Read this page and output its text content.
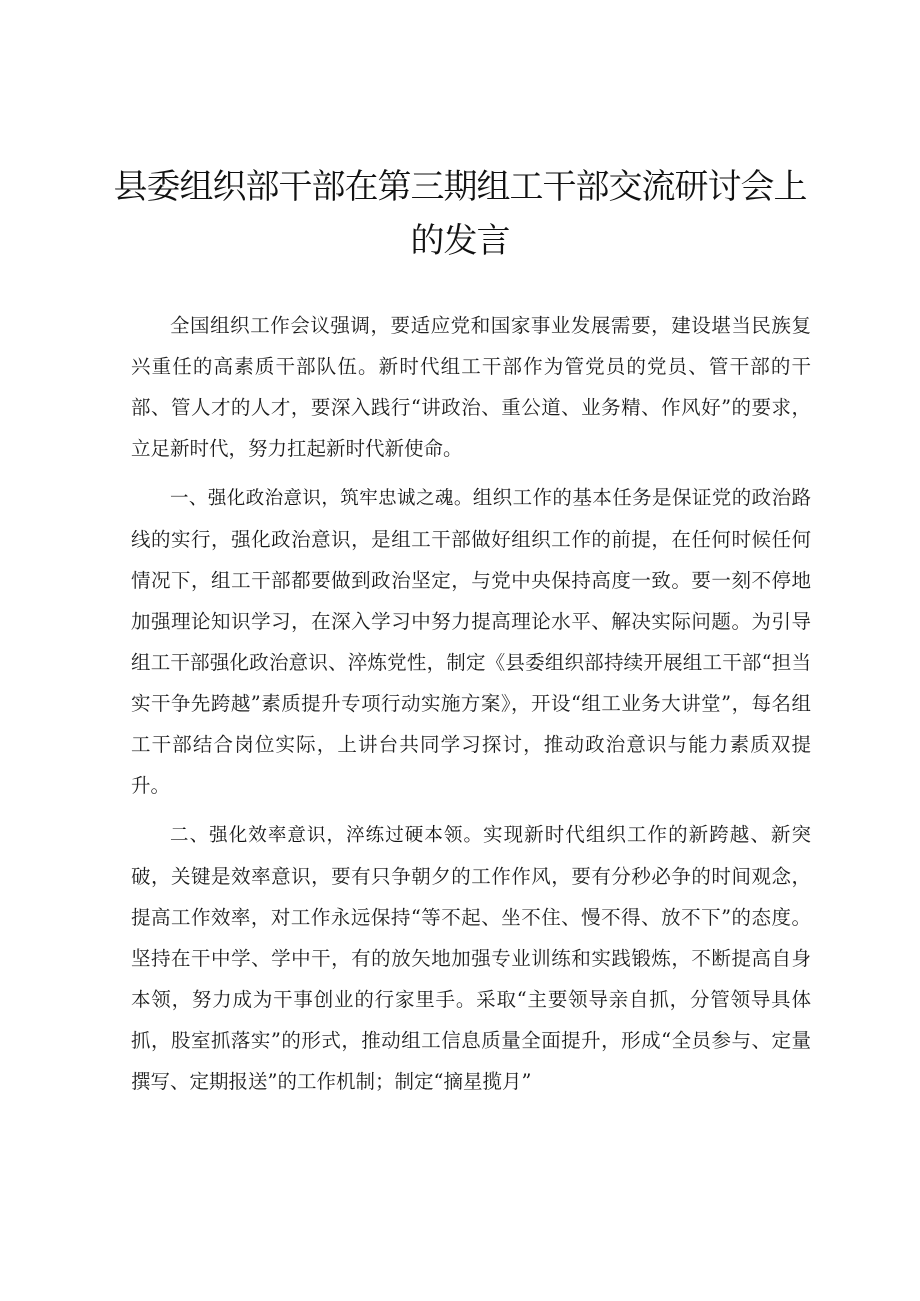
县委组织部干部在第三期组工干部交流研讨会上的发言

全国组织工作会议强调，要适应党和国家事业发展需要，建设堪当民族复兴重任的高素质干部队伍。新时代组工干部作为管党员的党员、管干部的干部、管人才的人才，要深入践行“讲政治、重公道、业务精、作风好”的要求，立足新时代，努力扛起新时代新使命。

一、强化政治意识，筑牢忠诚之魂。组织工作的基本任务是保证党的政治路线的实行，强化政治意识，是组工干部做好组织工作的前提，在任何时候任何情况下，组工干部都要做到政治坚定，与党中央保持高度一致。要一刻不停地加强理论知识学习，在深入学习中努力提高理论水平、解决实际问题。为引导组工干部强化政治意识、淬炼党性，制定《县委组织部持续开展组工干部“担当实干争先跨越”素质提升专项行动实施方案》，开设“组工业务大讲堂”，每名组工干部结合岗位实际，上讲台共同学习探讨，推动政治意识与能力素质双提升。

二、强化效率意识，淬练过硬本领。实现新时代组织工作的新跨越、新突破，关键是效率意识，要有只争朝夕的工作作风，要有分秒必争的时间观念，提高工作效率，对工作永远保持“等不起、坐不住、慢不得、放不下”的态度。坚持在干中学、学中干，有的放矢地加强专业训练和实践锻炼，不断提高自身本领，努力成为干事创业的行家里手。采取“主要领导亲自抓，分管领导具体抓，股室抓落实”的形式，推动组工信息质量全面提升，形成“全员参与、定量撰写、定期报送”的工作机制；制定“摘星揽月”
